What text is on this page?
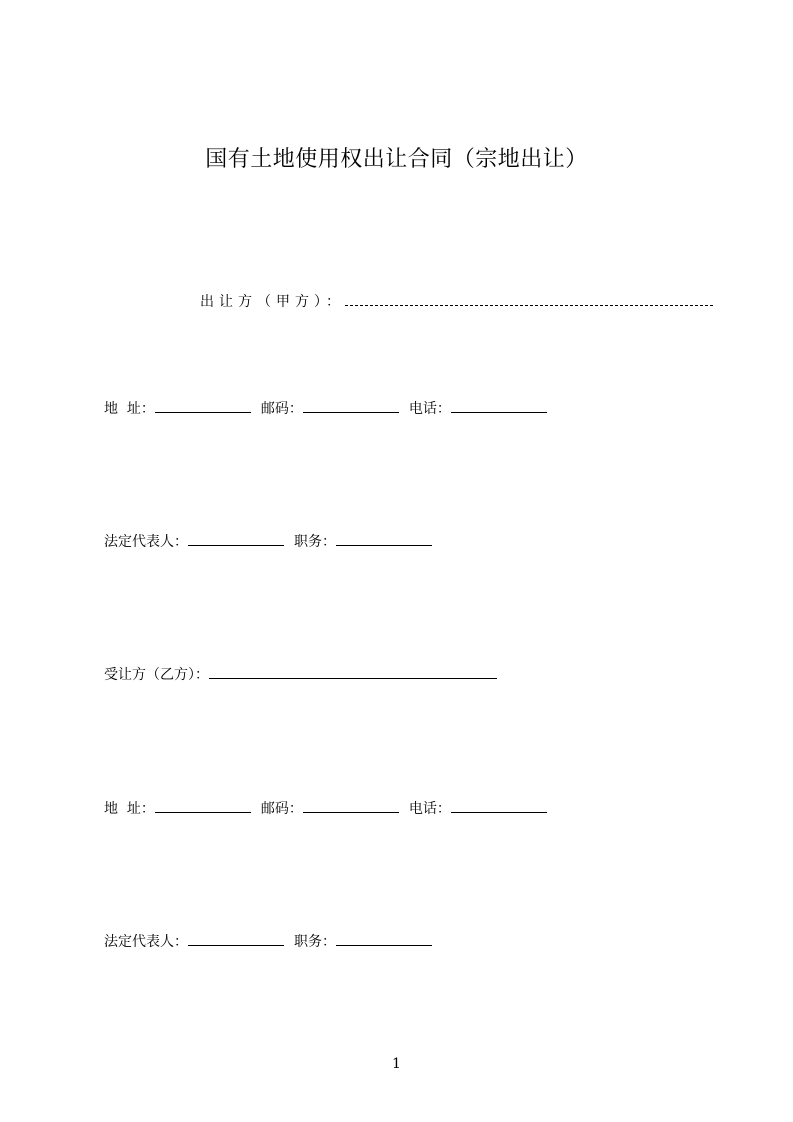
国有土地使用权出让合同（宗地出让）
出让方（甲方）：
地  址：	邮码：	电话：
法定代表人：	职务：
受让方（乙方）：
地  址：	邮码：	电话：
法定代表人：	职务：
1
